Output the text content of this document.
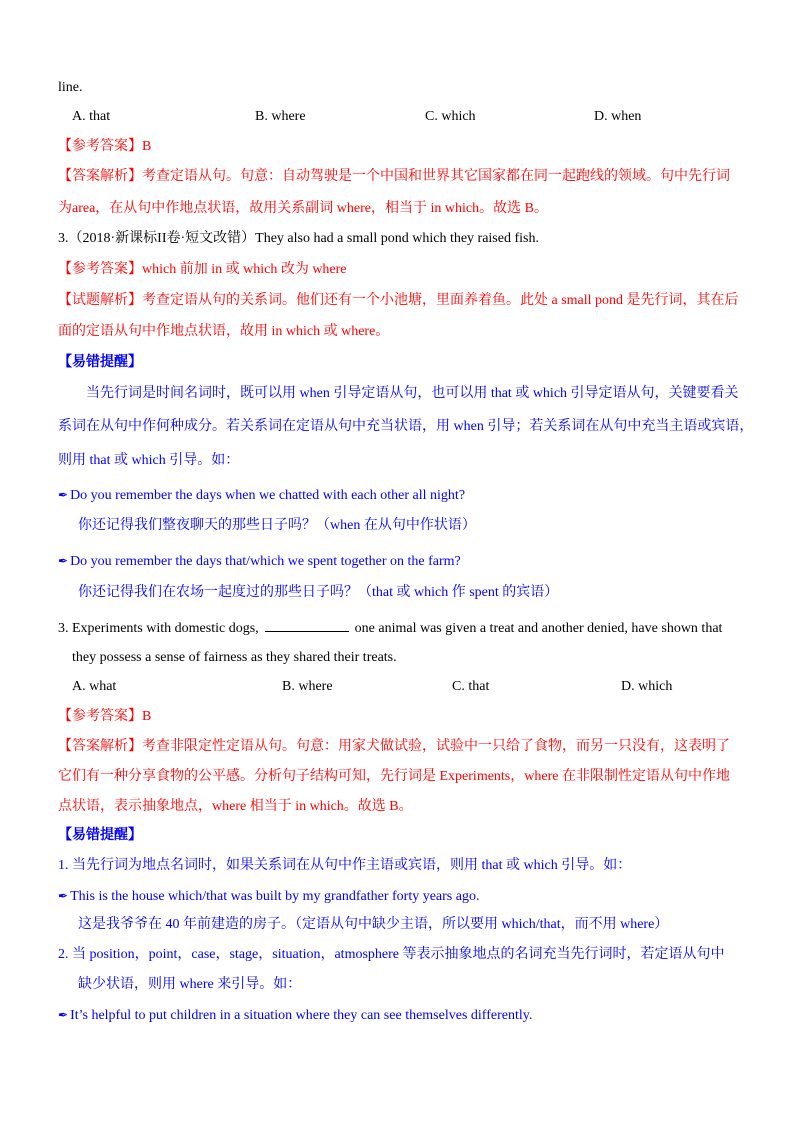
line.
A. that	B. where	C. which	D. when
【参考答案】B
【答案解析】考查定语从句。句意：自动驾驶是一个中国和世界其它国家都在同一起跑线的领域。句中先行词
为area，在从句中作地点状语，故用关系副词 where，相当于 in which。故选 B。
3.（2018·新课标II卷·短文改错）They also had a small pond which they raised fish.
【参考答案】which 前加 in 或 which 改为 where
【试题解析】考查定语从句的关系词。他们还有一个小池塘，里面养着鱼。此处 a small pond 是先行词，其在后
面的定语从句中作地点状语，故用 in which 或 where。
【易错提醒】
当先行词是时间名词时，既可以用 when 引导定语从句，也可以用 that 或 which 引导定语从句，关键要看关
系词在从句中作何种成分。若关系词在定语从句中充当状语，用 when 引导；若关系词在从句中充当主语或宾语，
则用 that 或 which 引导。如：
✒ Do you remember the days when we chatted with each other all night?
你还记得我们整夜聊天的那些日子吗？（when 在从句中作状语）
✒ Do you remember the days that/which we spent together on the farm?
你还记得我们在农场一起度过的那些日子吗？（that 或 which 作 spent 的宾语）
3. Experiments with domestic dogs,	one animal was given a treat and another denied, have shown that
they possess a sense of fairness as they shared their treats.
A. what	B. where	C. that	D. which
【参考答案】B
【答案解析】考查非限定性定语从句。句意：用家犬做试验，试验中一只给了食物，而另一只没有，这表明了
它们有一种分享食物的公平感。分析句子结构可知，先行词是 Experiments，where 在非限制性定语从句中作地
点状语，表示抽象地点，where 相当于 in which。故选 B。
【易错提醒】
1. 当先行词为地点名词时，如果关系词在从句中作主语或宾语，则用 that 或 which 引导。如：
✒ This is the house which/that was built by my grandfather forty years ago.
这是我爷爷在 40 年前建造的房子。（定语从句中缺少主语，所以要用 which/that，而不用 where）
2. 当 position，point，case，stage，situation，atmosphere 等表示抽象地点的名词充当先行词时，若定语从句中
缺少状语，则用 where 来引导。如：
✒ It’s helpful to put children in a situation where they can see themselves differently.
